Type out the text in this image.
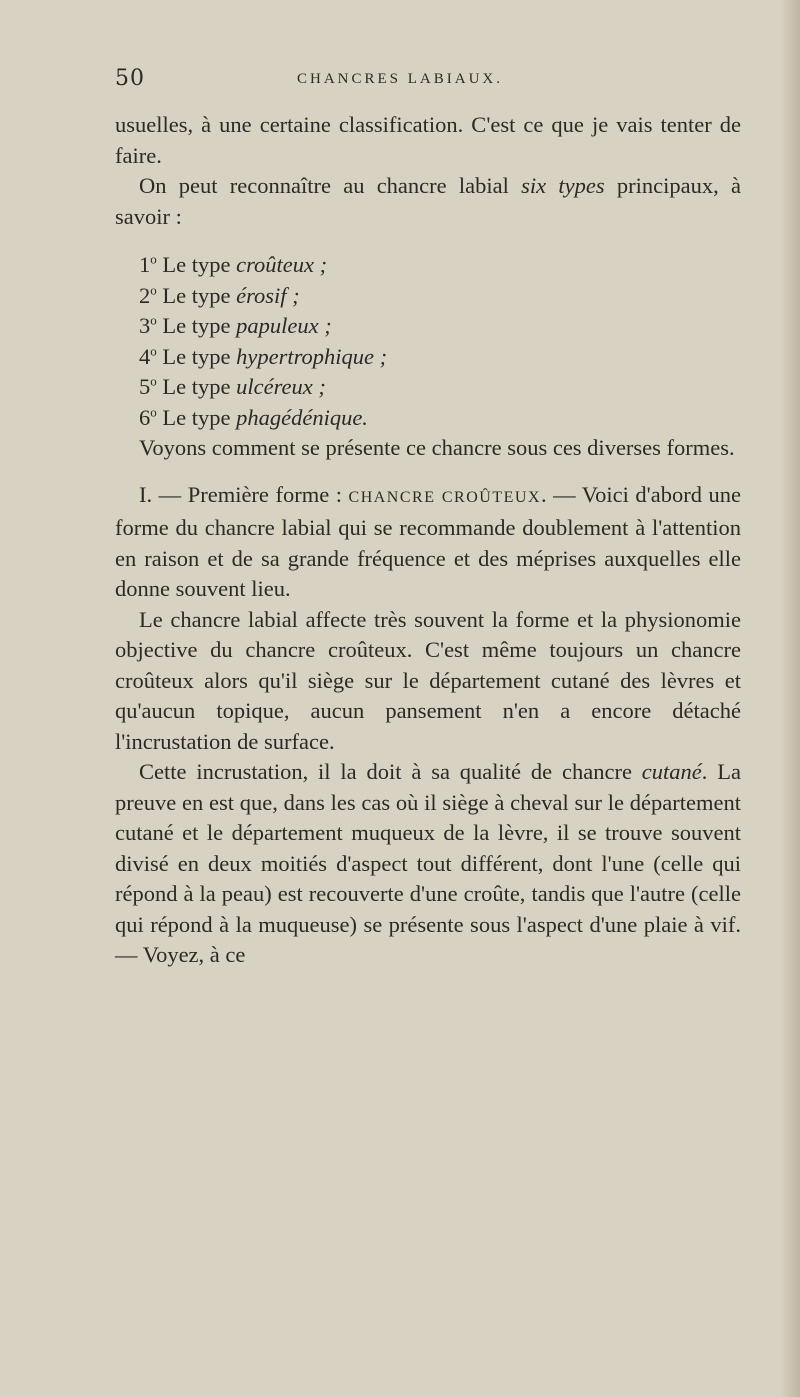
50	CHANCRES LABIAUX.

usuelles, à une certaine classification. C'est ce que je vais tenter de faire.

On peut reconnaître au chancre labial six types principaux, à savoir :

1$^o$ Le type croûteux ;

2$^o$ Le type érosif ;

3$^o$ Le type papuleux ;

4$^o$ Le type hypertrophique ;

5$^o$ Le type ulcéreux ;

6$^o$ Le type phagédénique.

Voyons comment se présente ce chancre sous ces diverses formes.

I. — Première forme : CHANCRE CROÛTEUX. — Voici d'abord une forme du chancre labial qui se recommande doublement à l'attention en raison et de sa grande fréquence et des méprises auxquelles elle donne souvent lieu.

Le chancre labial affecte très souvent la forme et la physionomie objective du chancre croûteux. C'est même toujours un chancre croûteux alors qu'il siège sur le département cutané des lèvres et qu'aucun topique, aucun pansement n'en a encore détaché l'incrustation de surface.

Cette incrustation, il la doit à sa qualité de chancre cutané. La preuve en est que, dans les cas où il siège à cheval sur le département cutané et le département muqueux de la lèvre, il se trouve souvent divisé en deux moitiés d'aspect tout différent, dont l'une (celle qui répond à la peau) est recouverte d'une croûte, tandis que l'autre (celle qui répond à la muqueuse) se présente sous l'aspect d'une plaie à vif. — Voyez, à ce
